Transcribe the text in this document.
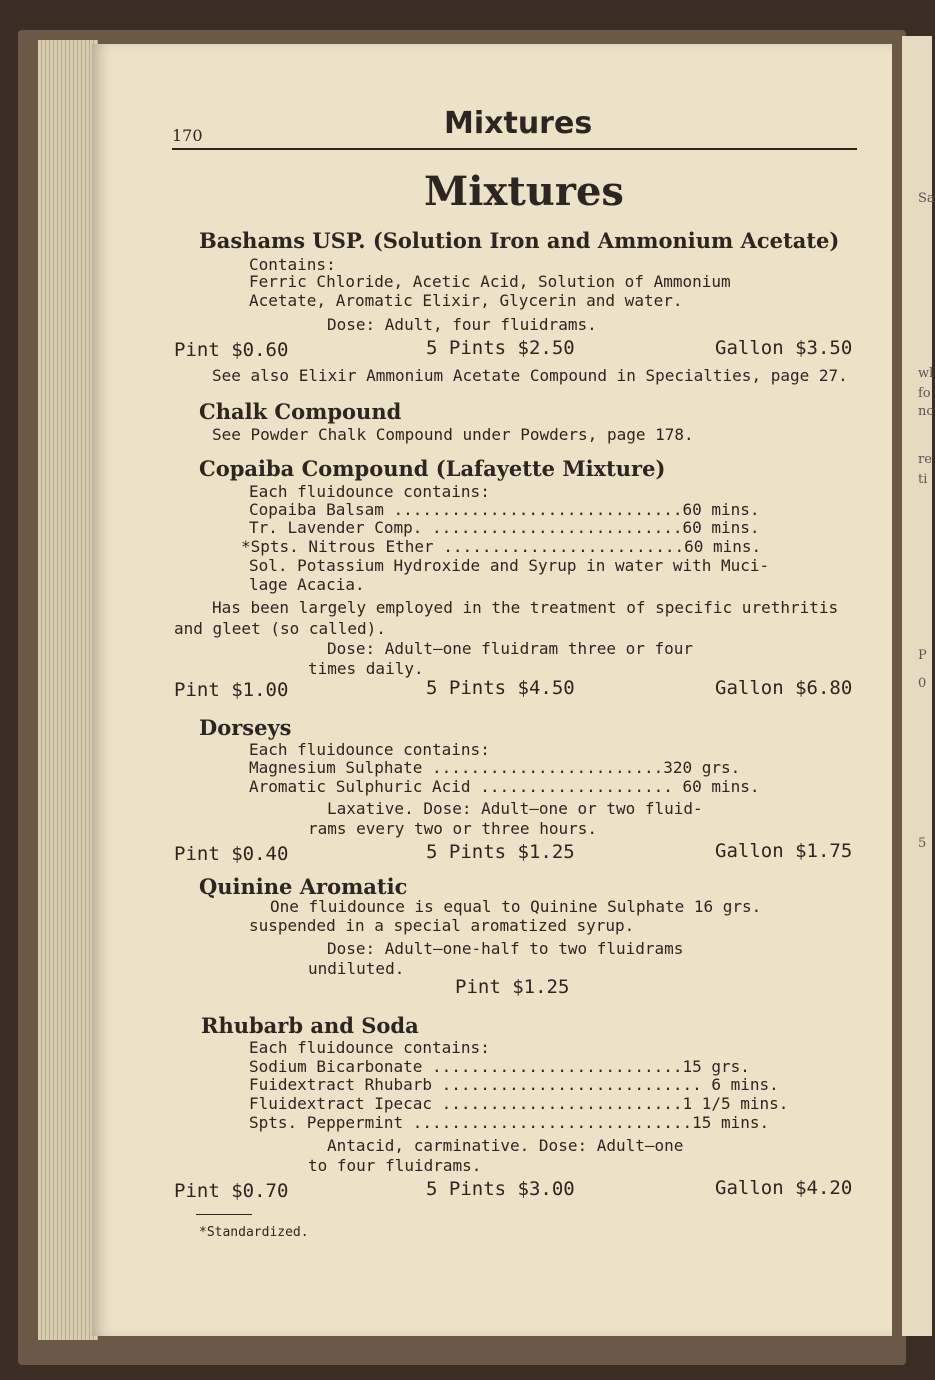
Sa
wl
fo
nc
re
ti
P
0
5
170	Mixtures
Mixtures
Bashams USP. (Solution Iron and Ammonium Acetate)
Contains:
Ferric Chloride, Acetic Acid, Solution of Ammonium
Acetate, Aromatic Elixir, Glycerin and water.
Dose: Adult, four fluidrams.
Pint $0.60	5 Pints $2.50	Gallon $3.50
See also Elixir Ammonium Acetate Compound in Specialties, page 27.
Chalk Compound
See Powder Chalk Compound under Powders, page 178.
Copaiba Compound (Lafayette Mixture)
Each fluidounce contains:
Copaiba Balsam ..............................60 mins.
Tr. Lavender Comp. ..........................60 mins.
*Spts. Nitrous Ether .........................60 mins.
Sol. Potassium Hydroxide and Syrup in water with Muci-
lage Acacia.
Has been largely employed in the treatment of specific urethritis
and gleet (so called).
Dose: Adult—one fluidram three or four
times daily.
Pint $1.00	5 Pints $4.50	Gallon $6.80
Dorseys
Each fluidounce contains:
Magnesium Sulphate ........................320 grs.
Aromatic Sulphuric Acid .................... 60 mins.
Laxative. Dose: Adult—one or two fluid-
rams every two or three hours.
Pint $0.40	5 Pints $1.25	Gallon $1.75
Quinine Aromatic
One fluidounce is equal to Quinine Sulphate 16 grs.
suspended in a special aromatized syrup.
Dose: Adult—one-half to two fluidrams
undiluted.
Pint $1.25
Rhubarb and Soda
Each fluidounce contains:
Sodium Bicarbonate ..........................15 grs.
Fuidextract Rhubarb ........................... 6 mins.
Fluidextract Ipecac .........................1 1/5 mins.
Spts. Peppermint .............................15 mins.
Antacid, carminative. Dose: Adult—one
to four fluidrams.
Pint $0.70	5 Pints $3.00	Gallon $4.20
*Standardized.
